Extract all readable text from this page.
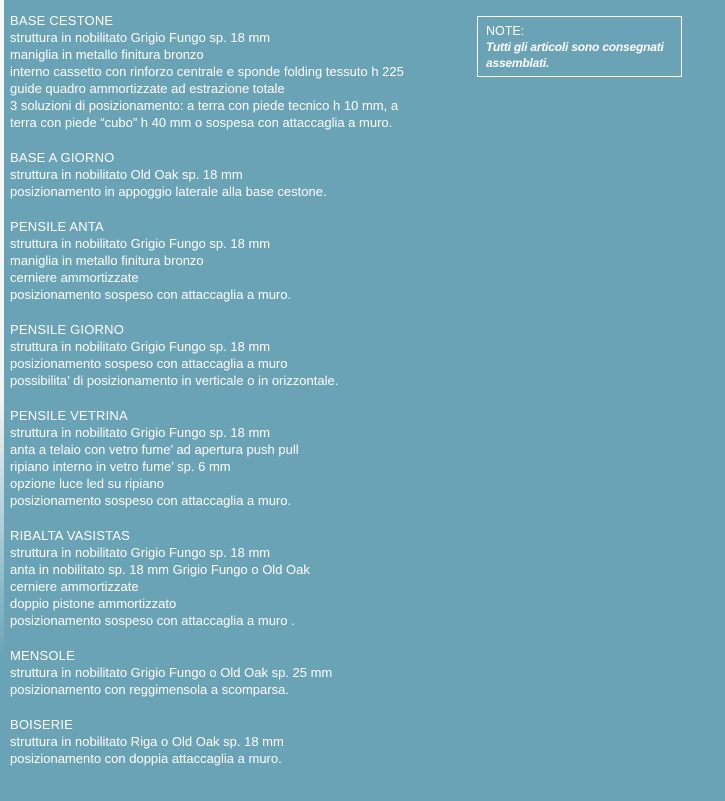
BASE CESTONE
struttura in nobilitato Grigio Fungo sp. 18 mm
maniglia in metallo finitura bronzo
interno cassetto con rinforzo centrale e sponde folding tessuto h 225
guide quadro ammortizzate ad estrazione totale
3 soluzioni di posizionamento: a terra con piede tecnico h 10 mm, a
terra con piede “cubo” h 40 mm o sospesa con attaccaglia a muro.
BASE A GIORNO
struttura in nobilitato Old Oak sp. 18 mm
posizionamento in appoggio laterale alla base cestone.
PENSILE ANTA
struttura in nobilitato Grigio Fungo sp. 18 mm
maniglia in metallo finitura bronzo
cerniere ammortizzate
posizionamento sospeso con attaccaglia a muro.
PENSILE GIORNO
struttura in nobilitato Grigio Fungo sp. 18 mm
posizionamento sospeso con attaccaglia a muro
possibilita’ di posizionamento in verticale o in orizzontale.
PENSILE VETRINA
struttura in nobilitato Grigio Fungo sp. 18 mm
anta a telaio con vetro fume’ ad apertura push pull
ripiano interno in vetro fume’ sp. 6 mm
opzione luce led su ripiano
posizionamento sospeso con attaccaglia a muro.
RIBALTA VASISTAS
struttura in nobilitato Grigio Fungo sp. 18 mm
anta in nobilitato sp. 18 mm Grigio Fungo o Old Oak
cerniere ammortizzate
doppio pistone ammortizzato
posizionamento sospeso con attaccaglia a muro .
MENSOLE
struttura in nobilitato Grigio Fungo o Old Oak sp. 25 mm
posizionamento con reggimensola a scomparsa.
BOISERIE
struttura in nobilitato Riga o Old Oak sp. 18 mm
posizionamento con doppia attaccaglia a muro.
NOTE:
Tutti gli articoli sono consegnati
assemblati.
